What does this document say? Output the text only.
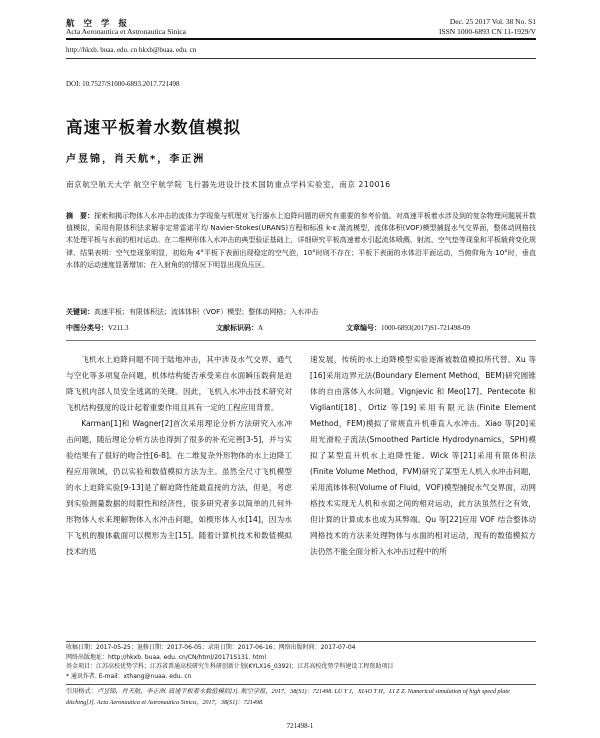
航 空 学 报
Acta Aeronautica et Astronautica Sinica
Dec. 25 2017 Vol. 38 No. S1
ISSN 1000-6893 CN 11-1929/V
http://hkxb. buaa. edu. cn hkxb@buaa. edu. cn
DOI: 10.7527/S1000-6893.2017.721498
高速平板着水数值模拟
卢昱锦，肖天航*，李正洲
南京航空航天大学 航空宇航学院 飞行器先进设计技术国防重点学科实验室，南京 210016
摘　要：探索和揭示物体入水冲击的流体力学现象与机理对飞行器水上迫降问题的研究有重要的参考价值。对高速平板着水涉及到的复杂物理问题展开数值模拟，采用有限体积法求解非定常雷诺平均 Navier-Stokes(URANS)方程和标准 k-ε 湍流模型，流体体积(VOF)模型捕捉水气交界面，整体动网格技术处理平板与水面的相对运动。在二维楔形体入水冲击的典型验证基础上，详细研究平板高速着水引起流体喷溅、射流、空气垫等现象和平板载荷变化规律，结果表明：空气垫现象明显，初始角 4°平板下表面出现稳定的空气泡，10°时则不存在；平板下表面的水体沿平面运动，当俯仰角为 10°时，垂直水体的运动速度显著增加；在入射角的的情况下明显出现负压区。
关键词：高速平板；有限体积法；流体体积（VOF）模型；整体动网格；入水冲击
中图分类号：V211.3	文献标识码：A	文章编号：1000-6893(2017)S1-721498-09

飞机水上迫降问题不同于陆地冲击，其中涉及水气交界、通气与空化等多项复杂问题，机体结构能否承受来自水面瞬压载荷是迫降飞机内部人员安全逃离的关键。因此，飞机入水冲击技术研究对飞机结构强度的设计起着重要作用且具有一定的工程应用背景。

Karman[1]和 Wagner[2]首次采用理论分析方法研究入水冲击问题，随后理论分析方法也得到了很多的补充完善[3-5]，并与实验结果有了很好的吻合性[6-8]。在二维复杂外形物体的水上迫降工程应用领域，仍以实验和数值模拟方法为主。虽然全尺寸飞机模型的水上迫降实验[9-13]是了解迫降性能最直接的方法，但是，考虑到实验测量数据的局限性和经济性，很多研究者多以简单的几何外形物体入水来理解物体入水冲击问题，如楔形体入水[14]，因为水下飞机的腹体截面可以楔形为主[15]。随着计算机技术和数值模拟技术的迅

速发展，传统的水上迫降模型实验逐渐被数值模拟所代替。Xu 等[16]采用边界元法(Boundary Element Method，BEM)研究圆锥体的自由落体入水问题。Vignjevic 和 Meo[17]、Pentecote 和 Viglianti[18]、Ortiz 等[19]采用有限元法(Finite Element Method，FEM)模拟了常规直升机垂直入水冲击。Xiao 等[20]采用光滑粒子流法(Smoothed Particle Hydrodynamics，SPH)模拟了某型直升机水上迫降性能。Wick 等[21]采用有限体积法(Finite Volume Method，FVM)研究了某型无人机入水冲击问题，采用流体体积(Volume of Fluid，VOF)模型捕捉水气交界面，动网格技术实现无人机和水面之间的相对运动，此方法虽然行之有效，但计算的计算成本也成为其弊端。Qu 等[22]应用 VOF 结合整体动网格技术的方法来处理物体与水面的相对运动，现有的数值模拟方法仍然不能全面分析入水冲击过程中的所

收稿日期：2017-05-25；退修日期：2017-06-05；录用日期：2017-06-16；网络出版时间：2017-07-04
网络出版地址：http://hkxb. buaa. edu. cn/CN/html/20171S131. html
基金项目：江苏高校优势学科；江苏省普通高校研究生科研创新计划(KYLX16_0392)；江苏高校优势学科建设工程资助项目
* 通讯作者. E-mail：xthang@nuaa. edu. cn
引用格式：卢昱锦，肖天航，李正洲. 高速平板着水数值模拟[J]. 航空学报，2017，38(S1)：721498. LU Y J，XIAO T H，LI Z Z. Numerical simulation of high speed plate ditching[J]. Acta Aeronautica et Astronautica Sinica，2017，38(S1)：721498.
721498-1
